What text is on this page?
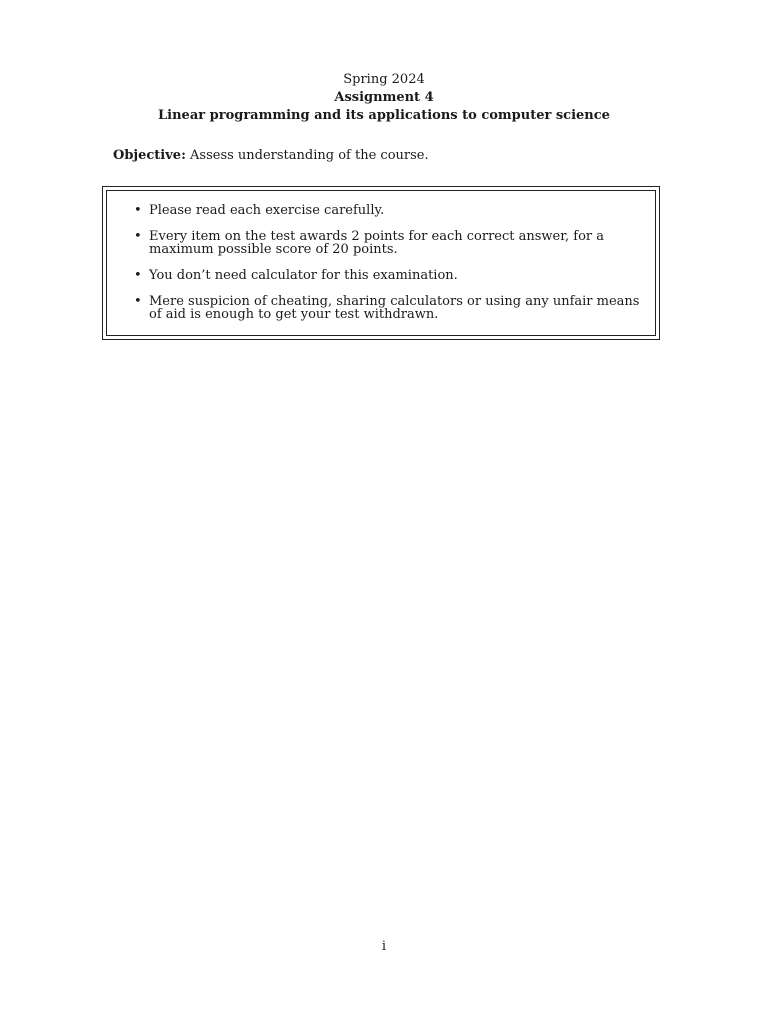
Spring 2024
Assignment 4
Linear programming and its applications to computer science
Objective: Assess understanding of the course.
• Please read each exercise carefully.
• Every item on the test awards 2 points for each correct answer, for a maximum possible score of 20 points.
• You don’t need calculator for this examination.
• Mere suspicion of cheating, sharing calculators or using any unfair means of aid is enough to get your test withdrawn.
i
